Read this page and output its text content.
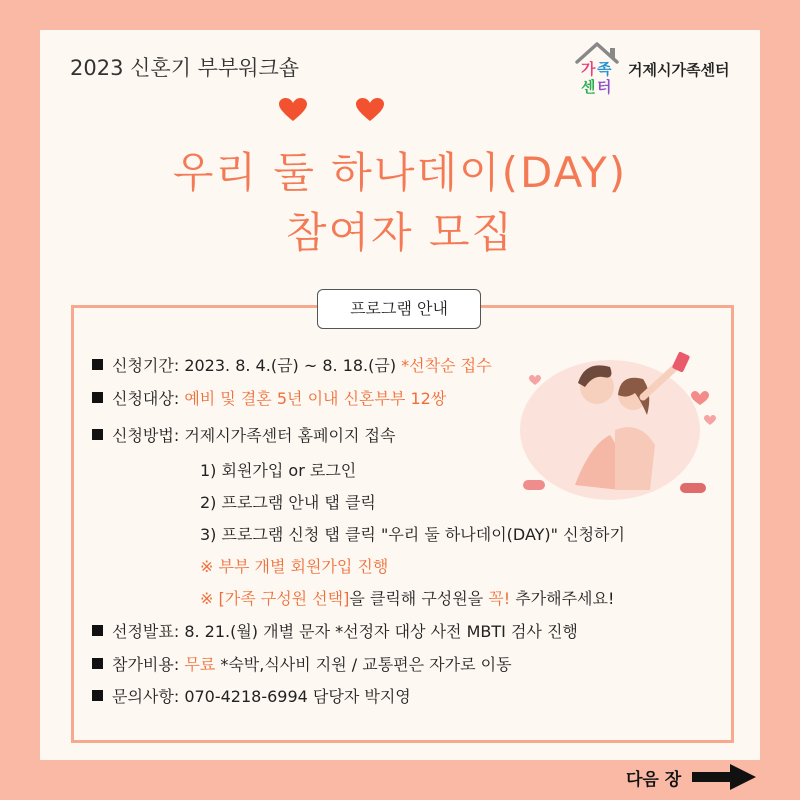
2023 신혼기 부부워크숍	가 족
센 터
거제시가족센터
우리 둘 하나데이(DAY)
참여자 모집
프로그램 안내
신청기간: 2023. 8. 4.(금) ~ 8. 18.(금) *선착순 접수
신청대상: 예비 및 결혼 5년 이내 신혼부부 12쌍
신청방법: 거제시가족센터 홈페이지 접속
1) 회원가입 or 로그인
2) 프로그램 안내 탭 클릭
3) 프로그램 신청 탭 클릭 "우리 둘 하나데이(DAY)" 신청하기
※ 부부 개별 회원가입 진행
※ [가족 구성원 선택]을 클릭해 구성원을 꼭! 추가해주세요!
선정발표: 8. 21.(월) 개별 문자 *선정자 대상 사전 MBTI 검사 진행
참가비용: 무료 *숙박,식사비 지원 / 교통편은 자가로 이동
문의사항: 070-4218-6994 담당자 박지영
다음 장
